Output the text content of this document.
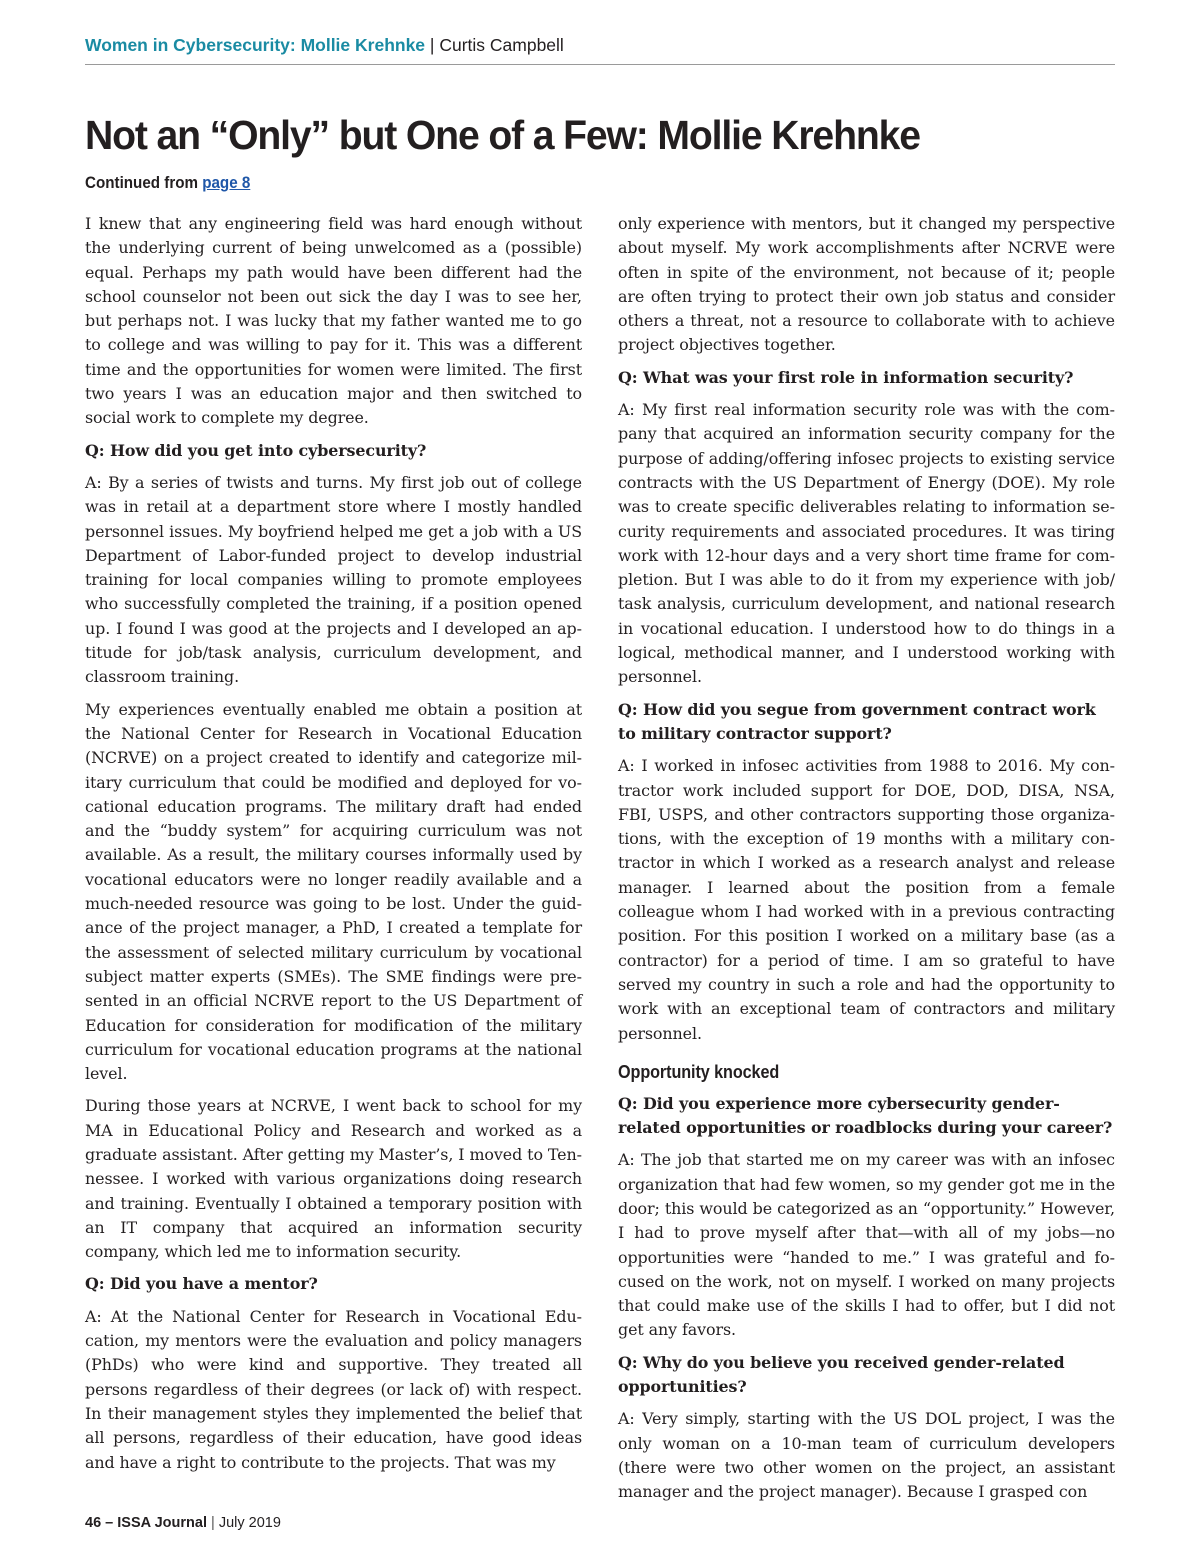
Women in Cybersecurity: Mollie Krehnke | Curtis Campbell
Not an “Only” but One of a Few: Mollie Krehnke
Continued from page 8

I knew that any engineering field was hard enough without the underlying current of being unwelcomed as a (possible) equal. Perhaps my path would have been different had the school counselor not been out sick the day I was to see her, but perhaps not. I was lucky that my father wanted me to go to college and was willing to pay for it. This was a different time and the opportunities for women were limited. The first two years I was an education major and then switched to social work to complete my degree.

Q: How did you get into cybersecurity?

A: By a series of twists and turns. My first job out of college was in retail at a department store where I mostly handled personnel issues. My boyfriend helped me get a job with a US Department of Labor-funded project to develop industrial training for local companies willing to promote employees who successfully completed the training, if a position opened up. I found I was good at the projects and I developed an aptitude for job/task analysis, curriculum development, and classroom training.

My experiences eventually enabled me obtain a position at the National Center for Research in Vocational Education (NCRVE) on a project created to identify and categorize military curriculum that could be modified and deployed for vocational education programs. The military draft had ended and the “buddy system” for acquiring curriculum was not available. As a result, the military courses informally used by vocational educators were no longer readily available and a much-needed resource was going to be lost. Under the guidance of the project manager, a PhD, I created a template for the assessment of selected military curriculum by vocational subject matter experts (SMEs). The SME findings were presented in an official NCRVE report to the US Department of Education for consideration for modification of the military curriculum for vocational education programs at the national level.

During those years at NCRVE, I went back to school for my MA in Educational Policy and Research and worked as a graduate assistant. After getting my Master’s, I moved to Tennessee. I worked with various organizations doing research and training. Eventually I obtained a temporary position with an IT company that acquired an information security company, which led me to information security.

Q: Did you have a mentor?

A: At the National Center for Research in Vocational Education, my mentors were the evaluation and policy managers (PhDs) who were kind and supportive. They treated all persons regardless of their degrees (or lack of) with respect. In their management styles they implemented the belief that all persons, regardless of their education, have good ideas and have a right to contribute to the projects. That was my

only experience with mentors, but it changed my perspective about myself. My work accomplishments after NCRVE were often in spite of the environment, not because of it; people are often trying to protect their own job status and consider others a threat, not a resource to collaborate with to achieve project objectives together.

Q: What was your first role in information security?

A: My first real information security role was with the company that acquired an information security company for the purpose of adding/offering infosec projects to existing service contracts with the US Department of Energy (DOE). My role was to create specific deliverables relating to information security requirements and associated procedures. It was tiring work with 12-hour days and a very short time frame for completion. But I was able to do it from my experience with job/​task analysis, curriculum development, and national research in vocational education. I understood how to do things in a logical, methodical manner, and I understood working with personnel.

Q: How did you segue from government contract work to military contractor support?

A: I worked in infosec activities from 1988 to 2016. My contractor work included support for DOE, DOD, DISA, NSA, FBI, USPS, and other contractors supporting those organizations, with the exception of 19 months with a military contractor in which I worked as a research analyst and release manager. I learned about the position from a female colleague whom I had worked with in a previous contracting position. For this position I worked on a military base (as a contractor) for a period of time. I am so grateful to have served my country in such a role and had the opportunity to work with an exceptional team of contractors and military personnel.

Opportunity knocked

Q: Did you experience more cybersecurity gender-related opportunities or roadblocks during your career?

A: The job that started me on my career was with an infosec organization that had few women, so my gender got me in the door; this would be categorized as an “opportunity.” However, I had to prove myself after that—with all of my jobs—no opportunities were “handed to me.” I was grateful and focused on the work, not on myself. I worked on many projects that could make use of the skills I had to offer, but I did not get any favors.

Q: Why do you believe you received gender-related opportunities?

A: Very simply, starting with the US DOL project, I was the only woman on a 10-man team of curriculum developers (there were two other women on the project, an assistant manager and the project manager). Because I grasped con

46 – ISSA Journal | July 2019
